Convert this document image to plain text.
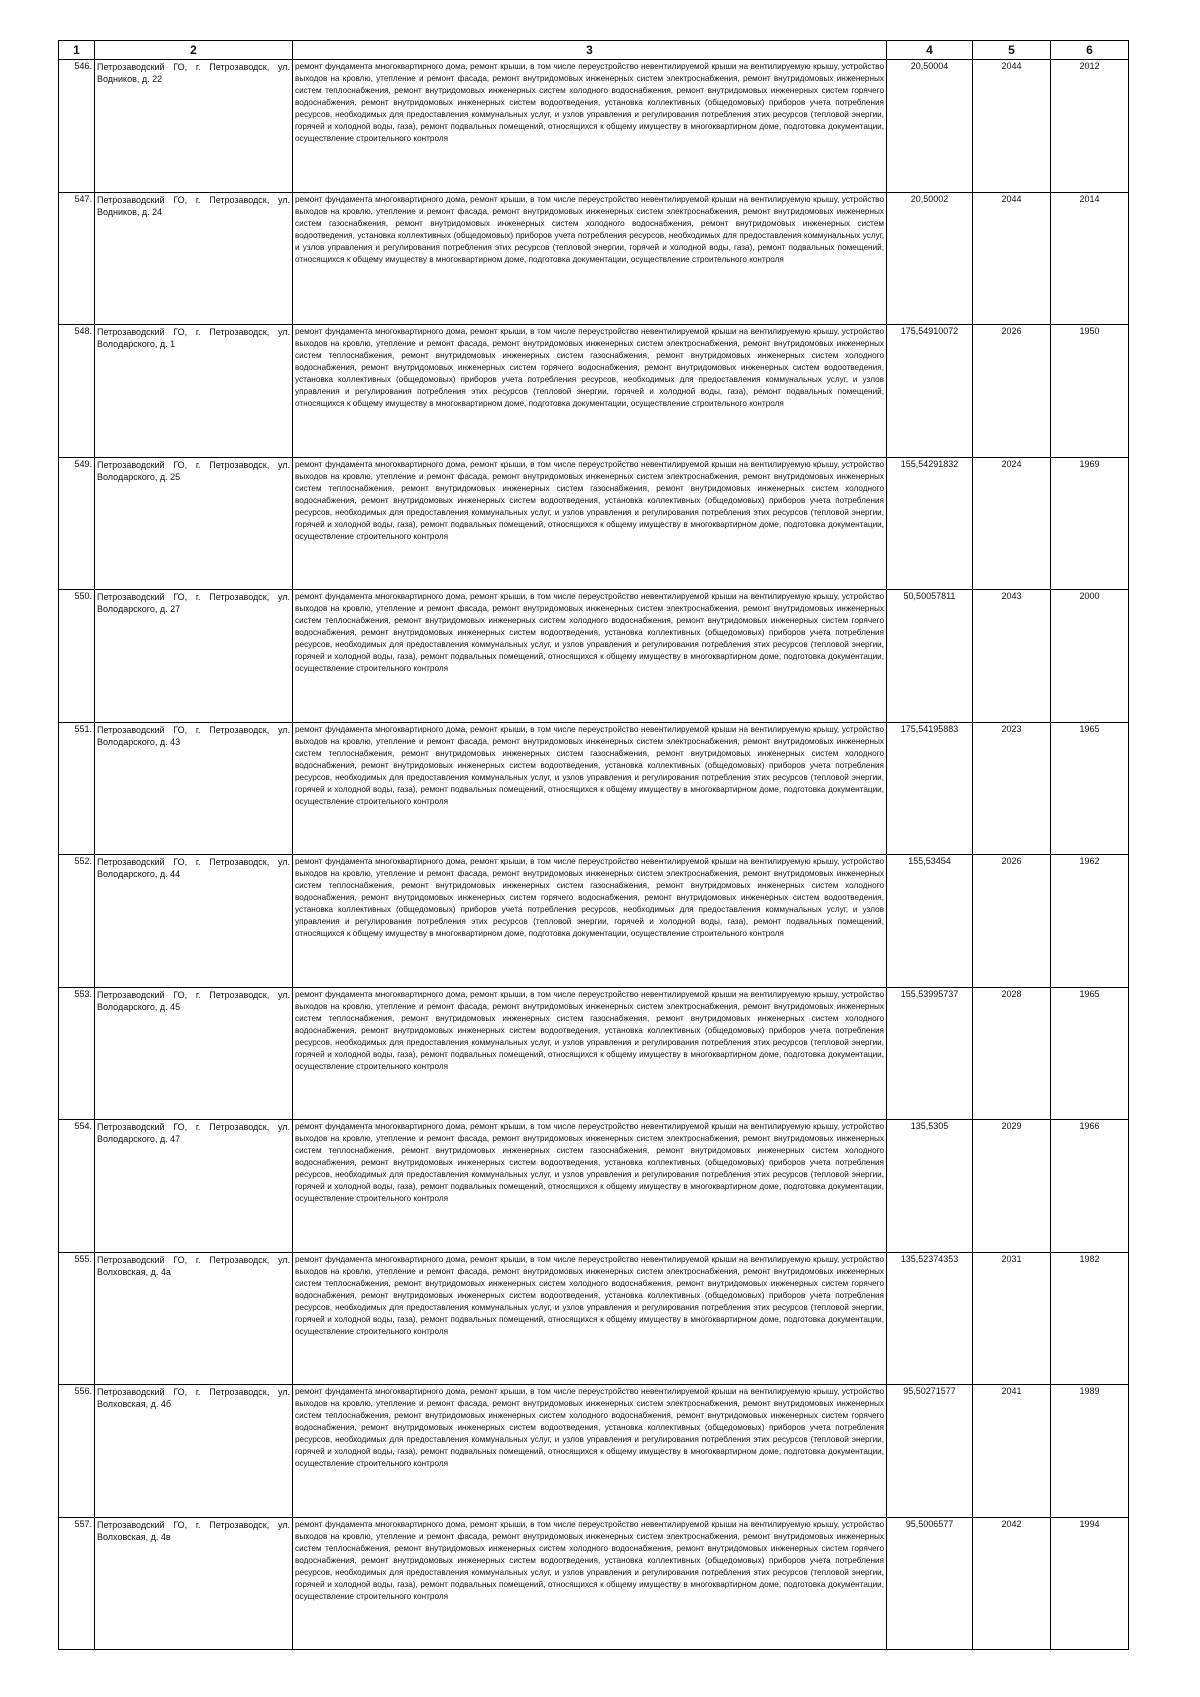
1	2	3	4	5	6
546.	Петрозаводский ГО, г. Петрозаводск, ул. Водников, д. 22	ремонт фундамента многоквартирного дома, ремонт крыши, в том числе переустройство невентилируемой крыши на вентилируемую крышу, устройство выходов на кровлю, утепление и ремонт фасада, ремонт внутридомовых инженерных систем электроснабжения, ремонт внутридомовых инженерных систем теплоснабжения, ремонт внутридомовых инженерных систем холодного водоснабжения, ремонт внутридомовых инженерных систем горячего водоснабжения, ремонт внутридомовых инженерных систем водоотведения, установка коллективных (общедомовых) приборов учета потребления ресурсов, необходимых для предоставления коммунальных услуг, и узлов управления и регулирования потребления этих ресурсов (тепловой энергии, горячей и холодной воды, газа), ремонт подвальных помещений, относящихся к общему имуществу в многоквартирном доме, подготовка документации, осуществление строительного контроля	20,50004	2044	2012
547.	Петрозаводский ГО, г. Петрозаводск, ул. Водников, д. 24	ремонт фундамента многоквартирного дома, ремонт крыши, в том числе переустройство невентилируемой крыши на вентилируемую крышу, устройство выходов на кровлю, утепление и ремонт фасада, ремонт внутридомовых инженерных систем электроснабжения, ремонт внутридомовых инженерных систем газоснабжения, ремонт внутридомовых инженерных систем холодного водоснабжения, ремонт внутридомовых инженерных систем водоотведения, установка коллективных (общедомовых) приборов учета потребления ресурсов, необходимых для предоставления коммунальных услуг, и узлов управления и регулирования потребления этих ресурсов (тепловой энергии, горячей и холодной воды, газа), ремонт подвальных помещений, относящихся к общему имуществу в многоквартирном доме, подготовка документации, осуществление строительного контроля	20,50002	2044	2014
548.	Петрозаводский ГО, г. Петрозаводск, ул. Володарского, д. 1	ремонт фундамента многоквартирного дома, ремонт крыши, в том числе переустройство невентилируемой крыши на вентилируемую крышу, устройство выходов на кровлю, утепление и ремонт фасада, ремонт внутридомовых инженерных систем электроснабжения, ремонт внутридомовых инженерных систем теплоснабжения, ремонт внутридомовых инженерных систем газоснабжения, ремонт внутридомовых инженерных систем холодного водоснабжения, ремонт внутридомовых инженерных систем горячего водоснабжения, ремонт внутридомовых инженерных систем водоотведения, установка коллективных (общедомовых) приборов учета потребления ресурсов, необходимых для предоставления коммунальных услуг, и узлов управления и регулирования потребления этих ресурсов (тепловой энергии, горячей и холодной воды, газа), ремонт подвальных помещений, относящихся к общему имуществу в многоквартирном доме, подготовка документации, осуществление строительного контроля	175,54910072	2026	1950
549.	Петрозаводский ГО, г. Петрозаводск, ул. Володарского, д. 25	ремонт фундамента многоквартирного дома, ремонт крыши, в том числе переустройство невентилируемой крыши на вентилируемую крышу, устройство выходов на кровлю, утепление и ремонт фасада, ремонт внутридомовых инженерных систем электроснабжения, ремонт внутридомовых инженерных систем теплоснабжения, ремонт внутридомовых инженерных систем газоснабжения, ремонт внутридомовых инженерных систем холодного водоснабжения, ремонт внутридомовых инженерных систем водоотведения, установка коллективных (общедомовых) приборов учета потребления ресурсов, необходимых для предоставления коммунальных услуг, и узлов управления и регулирования потребления этих ресурсов (тепловой энергии, горячей и холодной воды, газа), ремонт подвальных помещений, относящихся к общему имуществу в многоквартирном доме, подготовка документации, осуществление строительного контроля	155,54291832	2024	1969
550.	Петрозаводский ГО, г. Петрозаводск, ул. Володарского, д. 27	ремонт фундамента многоквартирного дома, ремонт крыши, в том числе переустройство невентилируемой крыши на вентилируемую крышу, устройство выходов на кровлю, утепление и ремонт фасада, ремонт внутридомовых инженерных систем электроснабжения, ремонт внутридомовых инженерных систем теплоснабжения, ремонт внутридомовых инженерных систем холодного водоснабжения, ремонт внутридомовых инженерных систем горячего водоснабжения, ремонт внутридомовых инженерных систем водоотведения, установка коллективных (общедомовых) приборов учета потребления ресурсов, необходимых для предоставления коммунальных услуг, и узлов управления и регулирования потребления этих ресурсов (тепловой энергии, горячей и холодной воды, газа), ремонт подвальных помещений, относящихся к общему имуществу в многоквартирном доме, подготовка документации, осуществление строительного контроля	50,50057811	2043	2000
551.	Петрозаводский ГО, г. Петрозаводск, ул. Володарского, д. 43	ремонт фундамента многоквартирного дома, ремонт крыши, в том числе переустройство невентилируемой крыши на вентилируемую крышу, устройство выходов на кровлю, утепление и ремонт фасада, ремонт внутридомовых инженерных систем электроснабжения, ремонт внутридомовых инженерных систем теплоснабжения, ремонт внутридомовых инженерных систем газоснабжения, ремонт внутридомовых инженерных систем холодного водоснабжения, ремонт внутридомовых инженерных систем водоотведения, установка коллективных (общедомовых) приборов учета потребления ресурсов, необходимых для предоставления коммунальных услуг, и узлов управления и регулирования потребления этих ресурсов (тепловой энергии, горячей и холодной воды, газа), ремонт подвальных помещений, относящихся к общему имуществу в многоквартирном доме, подготовка документации, осуществление строительного контроля	175,54195883	2023	1965
552.	Петрозаводский ГО, г. Петрозаводск, ул. Володарского, д. 44	ремонт фундамента многоквартирного дома, ремонт крыши, в том числе переустройство невентилируемой крыши на вентилируемую крышу, устройство выходов на кровлю, утепление и ремонт фасада, ремонт внутридомовых инженерных систем электроснабжения, ремонт внутридомовых инженерных систем теплоснабжения, ремонт внутридомовых инженерных систем газоснабжения, ремонт внутридомовых инженерных систем холодного водоснабжения, ремонт внутридомовых инженерных систем горячего водоснабжения, ремонт внутридомовых инженерных систем водоотведения, установка коллективных (общедомовых) приборов учета потребления ресурсов, необходимых для предоставления коммунальных услуг, и узлов управления и регулирования потребления этих ресурсов (тепловой энергии, горячей и холодной воды, газа), ремонт подвальных помещений, относящихся к общему имуществу в многоквартирном доме, подготовка документации, осуществление строительного контроля	155,53454	2026	1962
553.	Петрозаводский ГО, г. Петрозаводск, ул. Володарского, д. 45	ремонт фундамента многоквартирного дома, ремонт крыши, в том числе переустройство невентилируемой крыши на вентилируемую крышу, устройство выходов на кровлю, утепление и ремонт фасада, ремонт внутридомовых инженерных систем электроснабжения, ремонт внутридомовых инженерных систем теплоснабжения, ремонт внутридомовых инженерных систем газоснабжения, ремонт внутридомовых инженерных систем холодного водоснабжения, ремонт внутридомовых инженерных систем водоотведения, установка коллективных (общедомовых) приборов учета потребления ресурсов, необходимых для предоставления коммунальных услуг, и узлов управления и регулирования потребления этих ресурсов (тепловой энергии, горячей и холодной воды, газа), ремонт подвальных помещений, относящихся к общему имуществу в многоквартирном доме, подготовка документации, осуществление строительного контроля	155,53995737	2028	1965
554.	Петрозаводский ГО, г. Петрозаводск, ул. Володарского, д. 47	ремонт фундамента многоквартирного дома, ремонт крыши, в том числе переустройство невентилируемой крыши на вентилируемую крышу, устройство выходов на кровлю, утепление и ремонт фасада, ремонт внутридомовых инженерных систем электроснабжения, ремонт внутридомовых инженерных систем теплоснабжения, ремонт внутридомовых инженерных систем газоснабжения, ремонт внутридомовых инженерных систем холодного водоснабжения, ремонт внутридомовых инженерных систем водоотведения, установка коллективных (общедомовых) приборов учета потребления ресурсов, необходимых для предоставления коммунальных услуг, и узлов управления и регулирования потребления этих ресурсов (тепловой энергии, горячей и холодной воды, газа), ремонт подвальных помещений, относящихся к общему имуществу в многоквартирном доме, подготовка документации, осуществление строительного контроля	135,5305	2029	1966
555.	Петрозаводский ГО, г. Петрозаводск, ул. Волховская, д. 4а	ремонт фундамента многоквартирного дома, ремонт крыши, в том числе переустройство невентилируемой крыши на вентилируемую крышу, устройство выходов на кровлю, утепление и ремонт фасада, ремонт внутридомовых инженерных систем электроснабжения, ремонт внутридомовых инженерных систем теплоснабжения, ремонт внутридомовых инженерных систем холодного водоснабжения, ремонт внутридомовых инженерных систем горячего водоснабжения, ремонт внутридомовых инженерных систем водоотведения, установка коллективных (общедомовых) приборов учета потребления ресурсов, необходимых для предоставления коммунальных услуг, и узлов управления и регулирования потребления этих ресурсов (тепловой энергии, горячей и холодной воды, газа), ремонт подвальных помещений, относящихся к общему имуществу в многоквартирном доме, подготовка документации, осуществление строительного контроля	135,52374353	2031	1982
556.	Петрозаводский ГО, г. Петрозаводск, ул. Волховская, д. 4б	ремонт фундамента многоквартирного дома, ремонт крыши, в том числе переустройство невентилируемой крыши на вентилируемую крышу, устройство выходов на кровлю, утепление и ремонт фасада, ремонт внутридомовых инженерных систем электроснабжения, ремонт внутридомовых инженерных систем теплоснабжения, ремонт внутридомовых инженерных систем холодного водоснабжения, ремонт внутридомовых инженерных систем горячего водоснабжения, ремонт внутридомовых инженерных систем водоотведения, установка коллективных (общедомовых) приборов учета потребления ресурсов, необходимых для предоставления коммунальных услуг, и узлов управления и регулирования потребления этих ресурсов (тепловой энергии, горячей и холодной воды, газа), ремонт подвальных помещений, относящихся к общему имуществу в многоквартирном доме, подготовка документации, осуществление строительного контроля	95,50271577	2041	1989
557.	Петрозаводский ГО, г. Петрозаводск, ул. Волховская, д. 4в	ремонт фундамента многоквартирного дома, ремонт крыши, в том числе переустройство невентилируемой крыши на вентилируемую крышу, устройство выходов на кровлю, утепление и ремонт фасада, ремонт внутридомовых инженерных систем электроснабжения, ремонт внутридомовых инженерных систем теплоснабжения, ремонт внутридомовых инженерных систем холодного водоснабжения, ремонт внутридомовых инженерных систем горячего водоснабжения, ремонт внутридомовых инженерных систем водоотведения, установка коллективных (общедомовых) приборов учета потребления ресурсов, необходимых для предоставления коммунальных услуг, и узлов управления и регулирования потребления этих ресурсов (тепловой энергии, горячей и холодной воды, газа), ремонт подвальных помещений, относящихся к общему имуществу в многоквартирном доме, подготовка документации, осуществление строительного контроля	95,5006577	2042	1994
